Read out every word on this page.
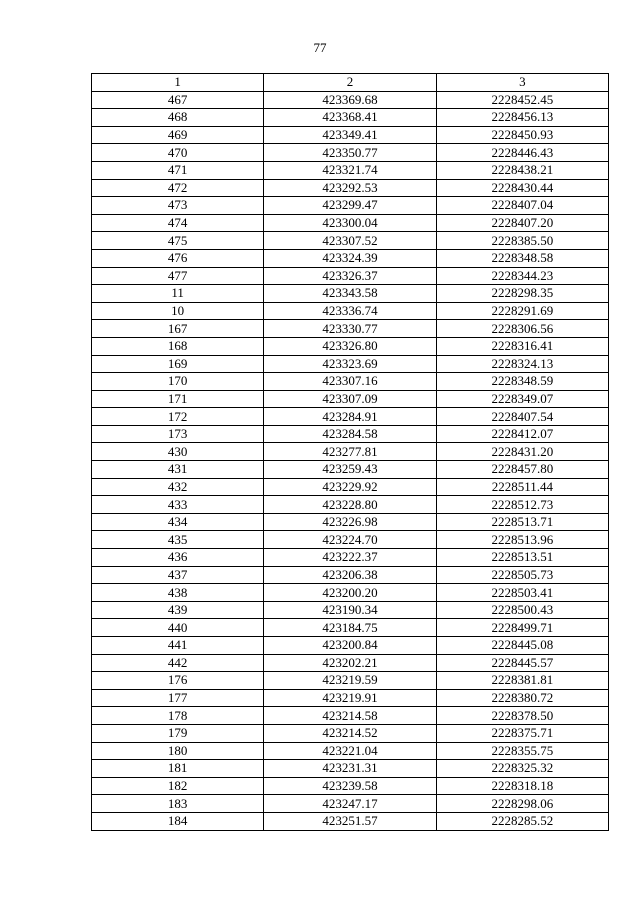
77
1	2	3
467	423369.68	2228452.45
468	423368.41	2228456.13
469	423349.41	2228450.93
470	423350.77	2228446.43
471	423321.74	2228438.21
472	423292.53	2228430.44
473	423299.47	2228407.04
474	423300.04	2228407.20
475	423307.52	2228385.50
476	423324.39	2228348.58
477	423326.37	2228344.23
11	423343.58	2228298.35
10	423336.74	2228291.69
167	423330.77	2228306.56
168	423326.80	2228316.41
169	423323.69	2228324.13
170	423307.16	2228348.59
171	423307.09	2228349.07
172	423284.91	2228407.54
173	423284.58	2228412.07
430	423277.81	2228431.20
431	423259.43	2228457.80
432	423229.92	2228511.44
433	423228.80	2228512.73
434	423226.98	2228513.71
435	423224.70	2228513.96
436	423222.37	2228513.51
437	423206.38	2228505.73
438	423200.20	2228503.41
439	423190.34	2228500.43
440	423184.75	2228499.71
441	423200.84	2228445.08
442	423202.21	2228445.57
176	423219.59	2228381.81
177	423219.91	2228380.72
178	423214.58	2228378.50
179	423214.52	2228375.71
180	423221.04	2228355.75
181	423231.31	2228325.32
182	423239.58	2228318.18
183	423247.17	2228298.06
184	423251.57	2228285.52
